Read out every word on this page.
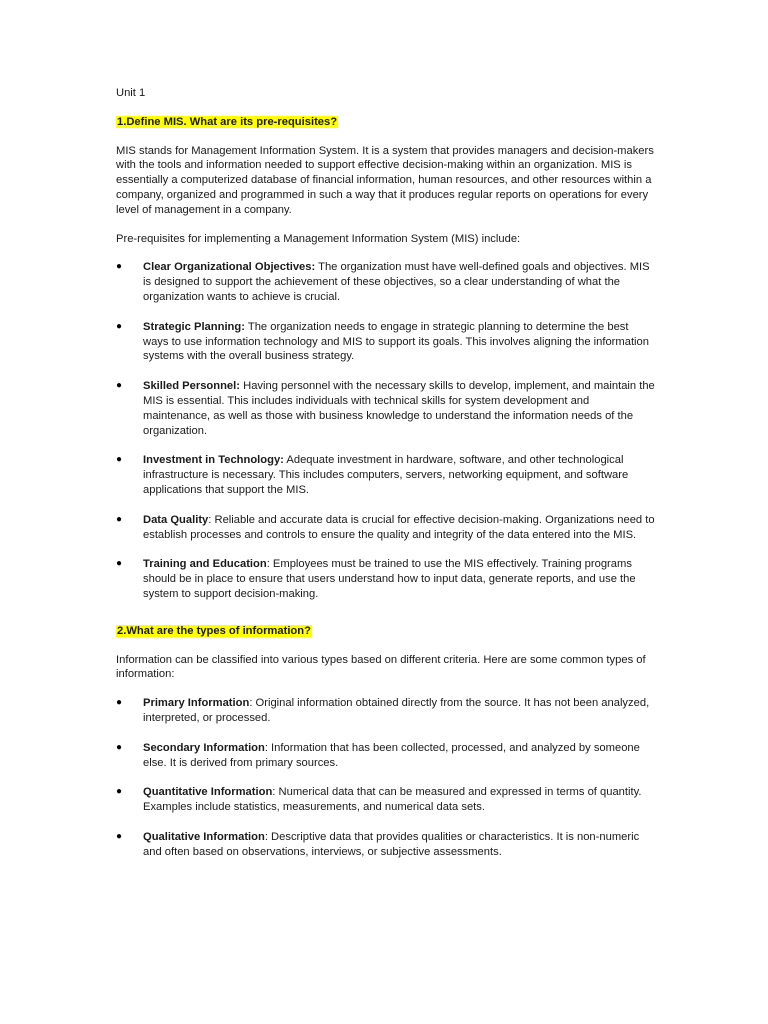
Unit 1
1.Define MIS. What are its pre-requisites?
MIS stands for Management Information System. It is a system that provides managers and decision-makers with the tools and information needed to support effective decision-making within an organization. MIS is essentially a computerized database of financial information, human resources, and other resources within a company, organized and programmed in such a way that it produces regular reports on operations for every level of management in a company.
Pre-requisites for implementing a Management Information System (MIS) include:
● Clear Organizational Objectives: The organization must have well-defined goals and objectives. MIS is designed to support the achievement of these objectives, so a clear understanding of what the organization wants to achieve is crucial.
● Strategic Planning: The organization needs to engage in strategic planning to determine the best ways to use information technology and MIS to support its goals. This involves aligning the information systems with the overall business strategy.
● Skilled Personnel: Having personnel with the necessary skills to develop, implement, and maintain the MIS is essential. This includes individuals with technical skills for system development and maintenance, as well as those with business knowledge to understand the information needs of the organization.
● Investment in Technology: Adequate investment in hardware, software, and other technological infrastructure is necessary. This includes computers, servers, networking equipment, and software applications that support the MIS.
● Data Quality: Reliable and accurate data is crucial for effective decision-making. Organizations need to establish processes and controls to ensure the quality and integrity of the data entered into the MIS.
● Training and Education: Employees must be trained to use the MIS effectively. Training programs should be in place to ensure that users understand how to input data, generate reports, and use the system to support decision-making.
2.What are the types of information?
Information can be classified into various types based on different criteria. Here are some common types of information:
● Primary Information: Original information obtained directly from the source. It has not been analyzed, interpreted, or processed.
● Secondary Information: Information that has been collected, processed, and analyzed by someone else. It is derived from primary sources.
● Quantitative Information: Numerical data that can be measured and expressed in terms of quantity. Examples include statistics, measurements, and numerical data sets.
● Qualitative Information: Descriptive data that provides qualities or characteristics. It is non-numeric and often based on observations, interviews, or subjective assessments.
